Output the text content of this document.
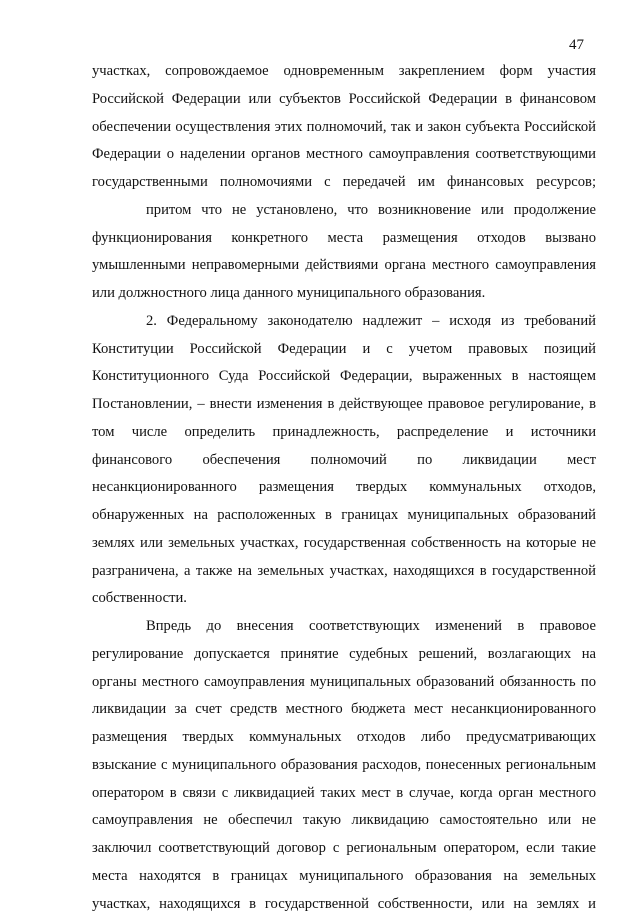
47

участках, сопровождаемое одновременным закреплением форм участия Российской Федерации или субъектов Российской Федерации в финансовом обеспечении осуществления этих полномочий, так и закон субъекта Российской Федерации о наделении органов местного самоуправления соответствующими государственными полномочиями с передачей им финансовых ресурсов;

притом что не установлено, что возникновение или продолжение функционирования конкретного места размещения отходов вызвано умышленными неправомерными действиями органа местного самоуправления или должностного лица данного муниципального образования.

2. Федеральному законодателю надлежит – исходя из требований Конституции Российской Федерации и с учетом правовых позиций Конституционного Суда Российской Федерации, выраженных в настоящем Постановлении, – внести изменения в действующее правовое регулирование, в том числе определить принадлежность, распределение и источники финансового обеспечения полномочий по ликвидации мест несанкционированного размещения твердых коммунальных отходов, обнаруженных на расположенных в границах муниципальных образований землях или земельных участках, государственная собственность на которые не разграничена, а также на земельных участках, находящихся в государственной собственности.

Впредь до внесения соответствующих изменений в правовое регулирование допускается принятие судебных решений, возлагающих на органы местного самоуправления муниципальных образований обязанность по ликвидации за счет средств местного бюджета мест несанкционированного размещения твердых коммунальных отходов либо предусматривающих взыскание с муниципального образования расходов, понесенных региональным оператором в связи с ликвидацией таких мест в случае, когда орган местного самоуправления не обеспечил такую ликвидацию самостоятельно или не заключил соответствующий договор с региональным оператором, если такие места находятся в границах муниципального образования на земельных участках, находящихся в государственной собственности, или на землях и
